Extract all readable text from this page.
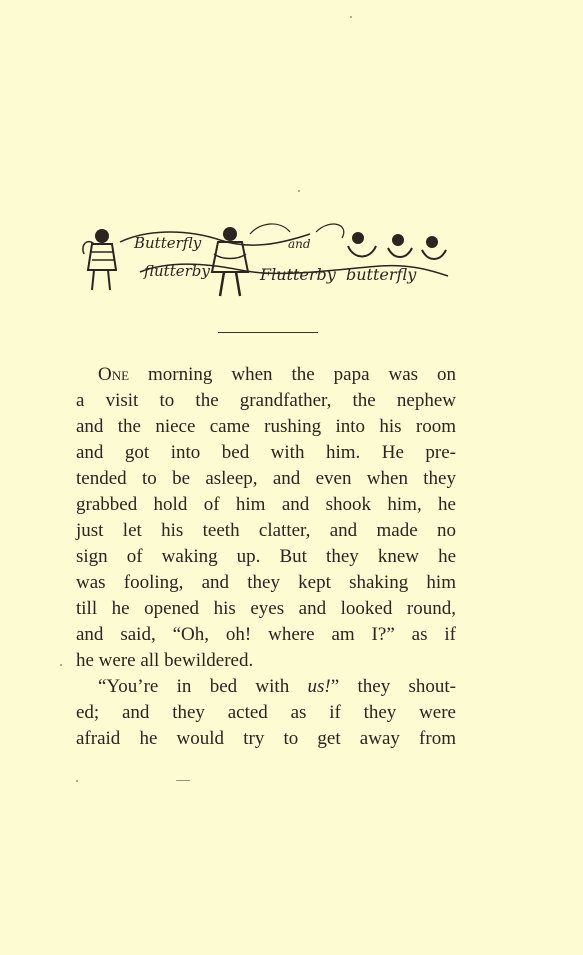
Butterfly	and
flutterby	Flutterby butterfly
One morning when the papa was on
a visit to the grandfather, the nephew
and the niece came rushing into his room
and got into bed with him. He pre-
tended to be asleep, and even when they
grabbed hold of him and shook him, he
just let his teeth clatter, and made no
sign of waking up. But they knew he
was fooling, and they kept shaking him
till he opened his eyes and looked round,
and said, “Oh, oh! where am I?” as if
he were all bewildered.
“You’re in bed with us!” they shout-
ed; and they acted as if they were
afraid he would try to get away from
